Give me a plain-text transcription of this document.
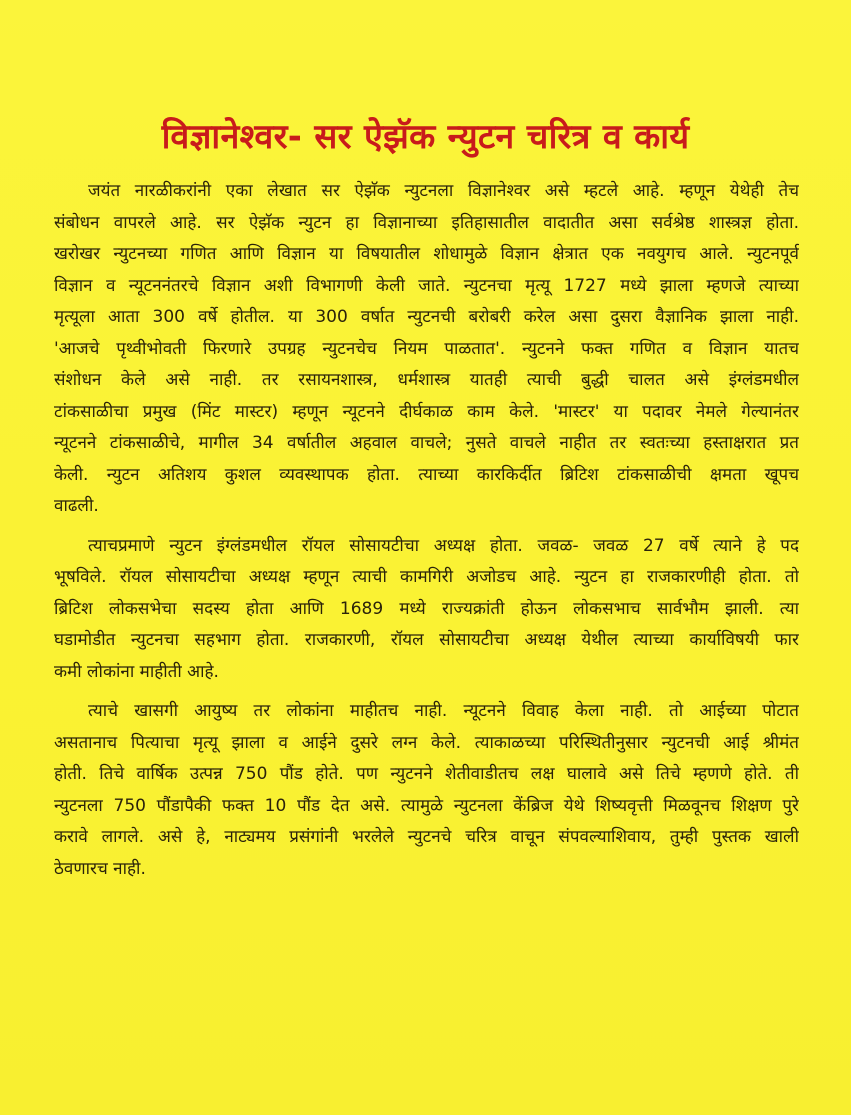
विज्ञानेश्वर- सर ऐझॅक न्युटन चरित्र व कार्य
जयंत नारळीकरांनी एका लेखात सर ऐझॅक न्युटनला विज्ञानेश्वर असे म्हटले आहे. म्हणून येथेही तेच
संबोधन वापरले आहे. सर ऐझॅक न्युटन हा विज्ञानाच्या इतिहासातील वादातीत असा सर्वश्रेष्ठ शास्त्रज्ञ होता.
खरोखर न्युटनच्या गणित आणि विज्ञान या विषयातील शोधामुळे विज्ञान क्षेत्रात एक नवयुगच आले. न्युटनपूर्व
विज्ञान व न्यूटननंतरचे विज्ञान अशी विभागणी केली जाते. न्युटनचा मृत्यू 1727 मध्ये झाला म्हणजे त्याच्या
मृत्यूला आता 300 वर्षे होतील. या 300 वर्षात न्युटनची बरोबरी करेल असा दुसरा वैज्ञानिक झाला नाही.
'आजचे पृथ्वीभोवती फिरणारे उपग्रह न्युटनचेच नियम पाळतात'. न्युटनने फक्त गणित व विज्ञान यातच
संशोधन केले असे नाही. तर रसायनशास्त्र, धर्मशास्त्र यातही त्याची बुद्धी चालत असे इंग्लंडमधील
टांकसाळीचा प्रमुख (मिंट मास्टर) म्हणून न्यूटनने दीर्घकाळ काम केले. 'मास्टर' या पदावर नेमले गेल्यानंतर
न्यूटनने टांकसाळीचे, मागील 34 वर्षातील अहवाल वाचले; नुसते वाचले नाहीत तर स्वतःच्या हस्ताक्षरात प्रत
केली. न्युटन अतिशय कुशल व्यवस्थापक होता. त्याच्या कारकिर्दीत ब्रिटिश टांकसाळीची क्षमता खूपच
वाढली.
त्याचप्रमाणे न्युटन इंग्लंडमधील रॉयल सोसायटीचा अध्यक्ष होता. जवळ- जवळ 27 वर्षे त्याने हे पद
भूषविले. रॉयल सोसायटीचा अध्यक्ष म्हणून त्याची कामगिरी अजोडच आहे. न्युटन हा राजकारणीही होता. तो
ब्रिटिश लोकसभेचा सदस्य होता आणि 1689 मध्ये राज्यक्रांती होऊन लोकसभाच सार्वभौम झाली. त्या
घडामोडीत न्युटनचा सहभाग होता. राजकारणी, रॉयल सोसायटीचा अध्यक्ष येथील त्याच्या कार्याविषयी फार
कमी लोकांना माहीती आहे.
त्याचे खासगी आयुष्य तर लोकांना माहीतच नाही. न्यूटनने विवाह केला नाही. तो आईच्या पोटात
असतानाच पित्याचा मृत्यू झाला व आईने दुसरे लग्न केले. त्याकाळच्या परिस्थितीनुसार न्युटनची आई श्रीमंत
होती. तिचे वार्षिक उत्पन्न 750 पौंड होते. पण न्युटनने शेतीवाडीतच लक्ष घालावे असे तिचे म्हणणे होते. ती
न्युटनला 750 पौंडापैकी फक्त 10 पौंड देत असे. त्यामुळे न्युटनला केंब्रिज येथे शिष्यवृत्ती मिळवूनच शिक्षण पुरे
करावे लागले. असे हे, नाट्यमय प्रसंगांनी भरलेले न्युटनचे चरित्र वाचून संपवल्याशिवाय, तुम्ही पुस्तक खाली
ठेवणारच नाही.
